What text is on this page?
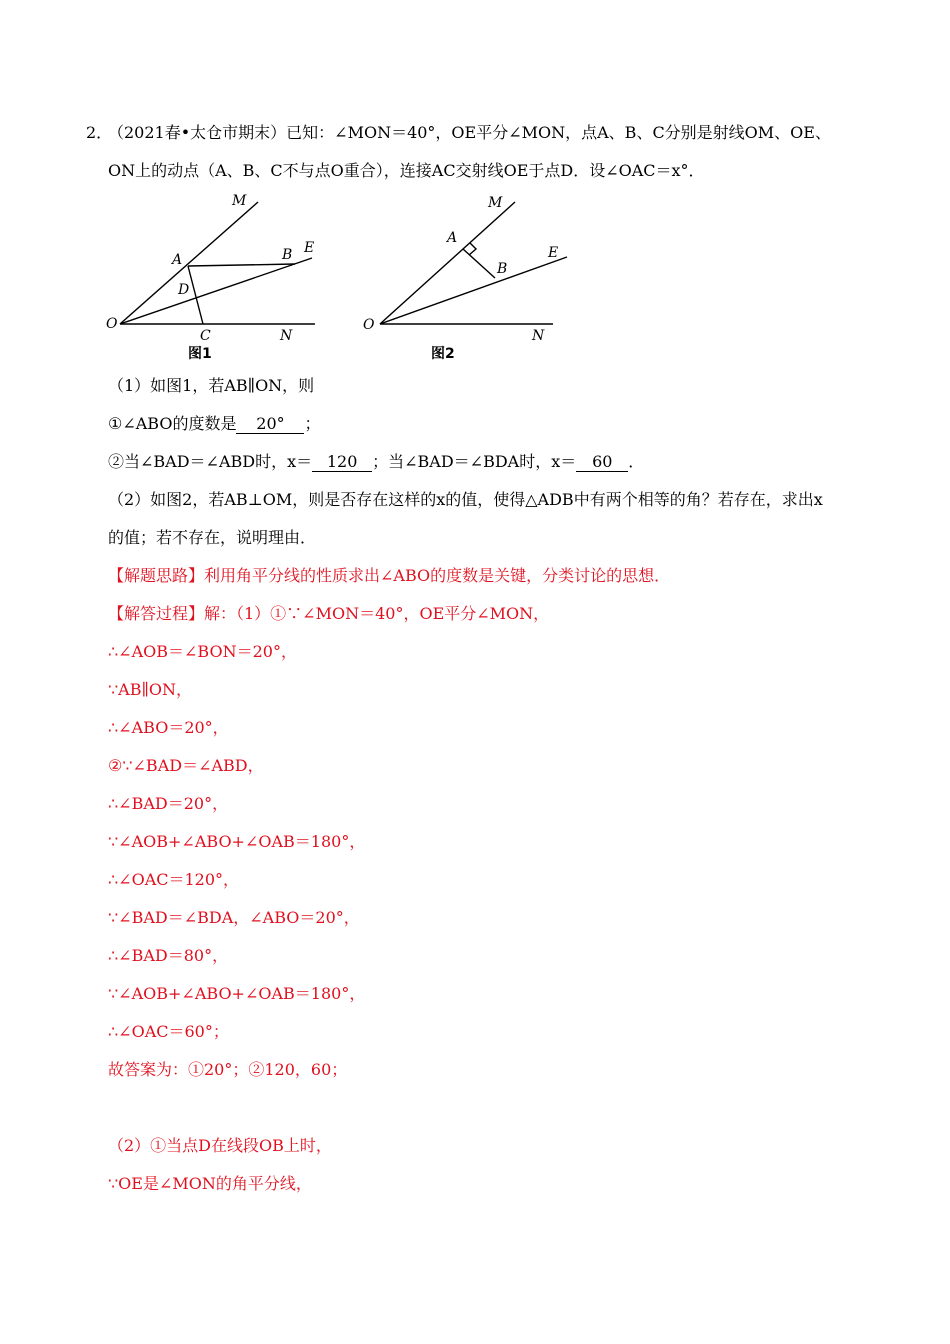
2．
（2021春•太仓市期末）已知：∠MON＝40°，OE平分∠MON，点A、B、C分别是射线OM、OE、
ON上的动点（A、B、C不与点O重合），连接AC交射线OE于点D．设∠OAC＝x°．
M
E
A	B
D
O
C	N
图1
M
E
A
B
O
N
图2
（1）如图1，若AB∥ON，则
①∠ABO的度数是 20° ；
②当∠BAD＝∠ABD时，x＝ 120 ；当∠BAD＝∠BDA时，x＝ 60 ．
（2）如图2，若AB⊥OM，则是否存在这样的x的值，使得△ADB中有两个相等的角？若存在，求出x
的值；若不存在，说明理由．
【解题思路】利用角平分线的性质求出∠ABO的度数是关键，分类讨论的思想．
【解答过程】解：（1）①∵∠MON＝40°，OE平分∠MON，
∴∠AOB＝∠BON＝20°，
∵AB∥ON，
∴∠ABO＝20°，
②∵∠BAD＝∠ABD，
∴∠BAD＝20°，
∵∠AOB+∠ABO+∠OAB＝180°，
∴∠OAC＝120°，
∵∠BAD＝∠BDA，∠ABO＝20°，
∴∠BAD＝80°，
∵∠AOB+∠ABO+∠OAB＝180°，
∴∠OAC＝60°；
故答案为：①20°；②120，60；
（2）①当点D在线段OB上时，
∵OE是∠MON的角平分线，
